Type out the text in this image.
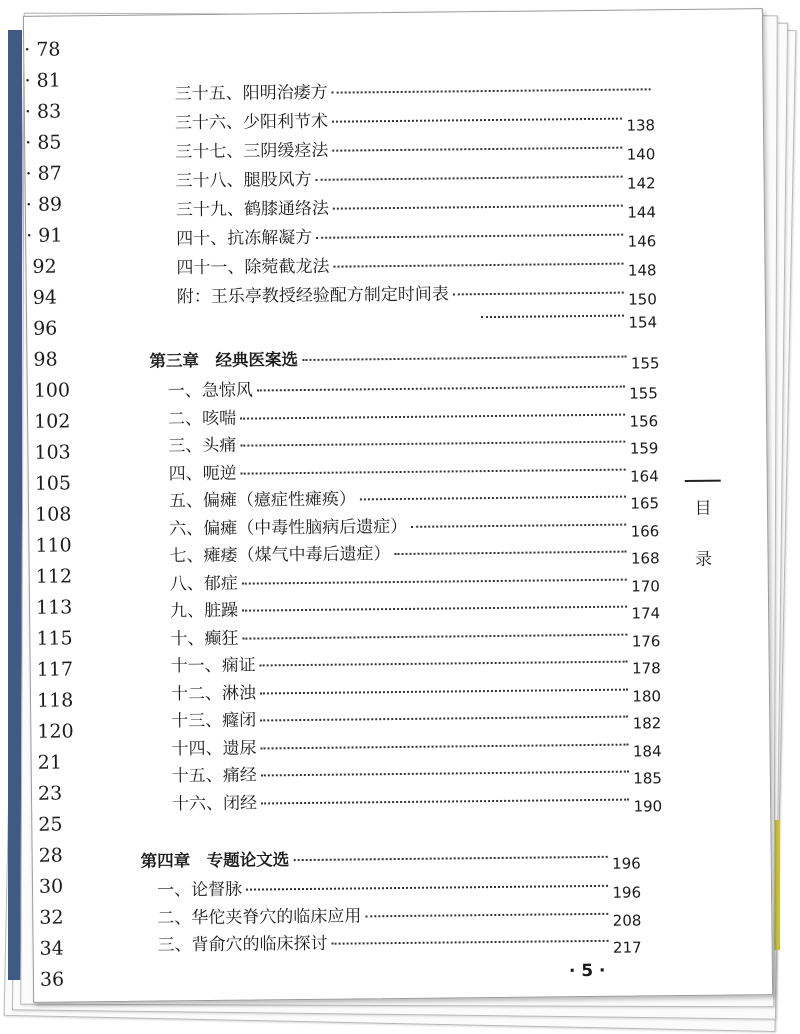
· 78
· 81
· 83
· 85
· 87
· 89
· 91
92
94
96
98
100
102
103
105
108
110
112
113
115
117
118
120
21
23
25
28
30
32
34
36
三十五、阳明治痿方
三十六、少阳利节术	138
三十七、三阴缓痉法	140
三十八、腿股风方	142
三十九、鹤膝通络法	144
四十、抗冻解凝方	146
四十一、除菀截龙法	148
附：王乐亭教授经验配方制定时间表	150
154
第三章　经典医案选	155
一、急惊风	155
二、咳喘	156
三、头痛	159
四、呃逆	164
五、偏瘫（癔症性瘫痪）	165
六、偏瘫（中毒性脑病后遗症）	166
七、瘫痿（煤气中毒后遗症）	168
八、郁症	170
九、脏躁	174
十、癫狂	176
十一、痫证	178
十二、淋浊	180
十三、癃闭	182
十四、遗尿	184
十五、痛经	185
十六、闭经	190
第四章　专题论文选	196
一、论督脉	196
二、华佗夹脊穴的临床应用	208
三、背俞穴的临床探讨	217
目
录
· 5 ·
